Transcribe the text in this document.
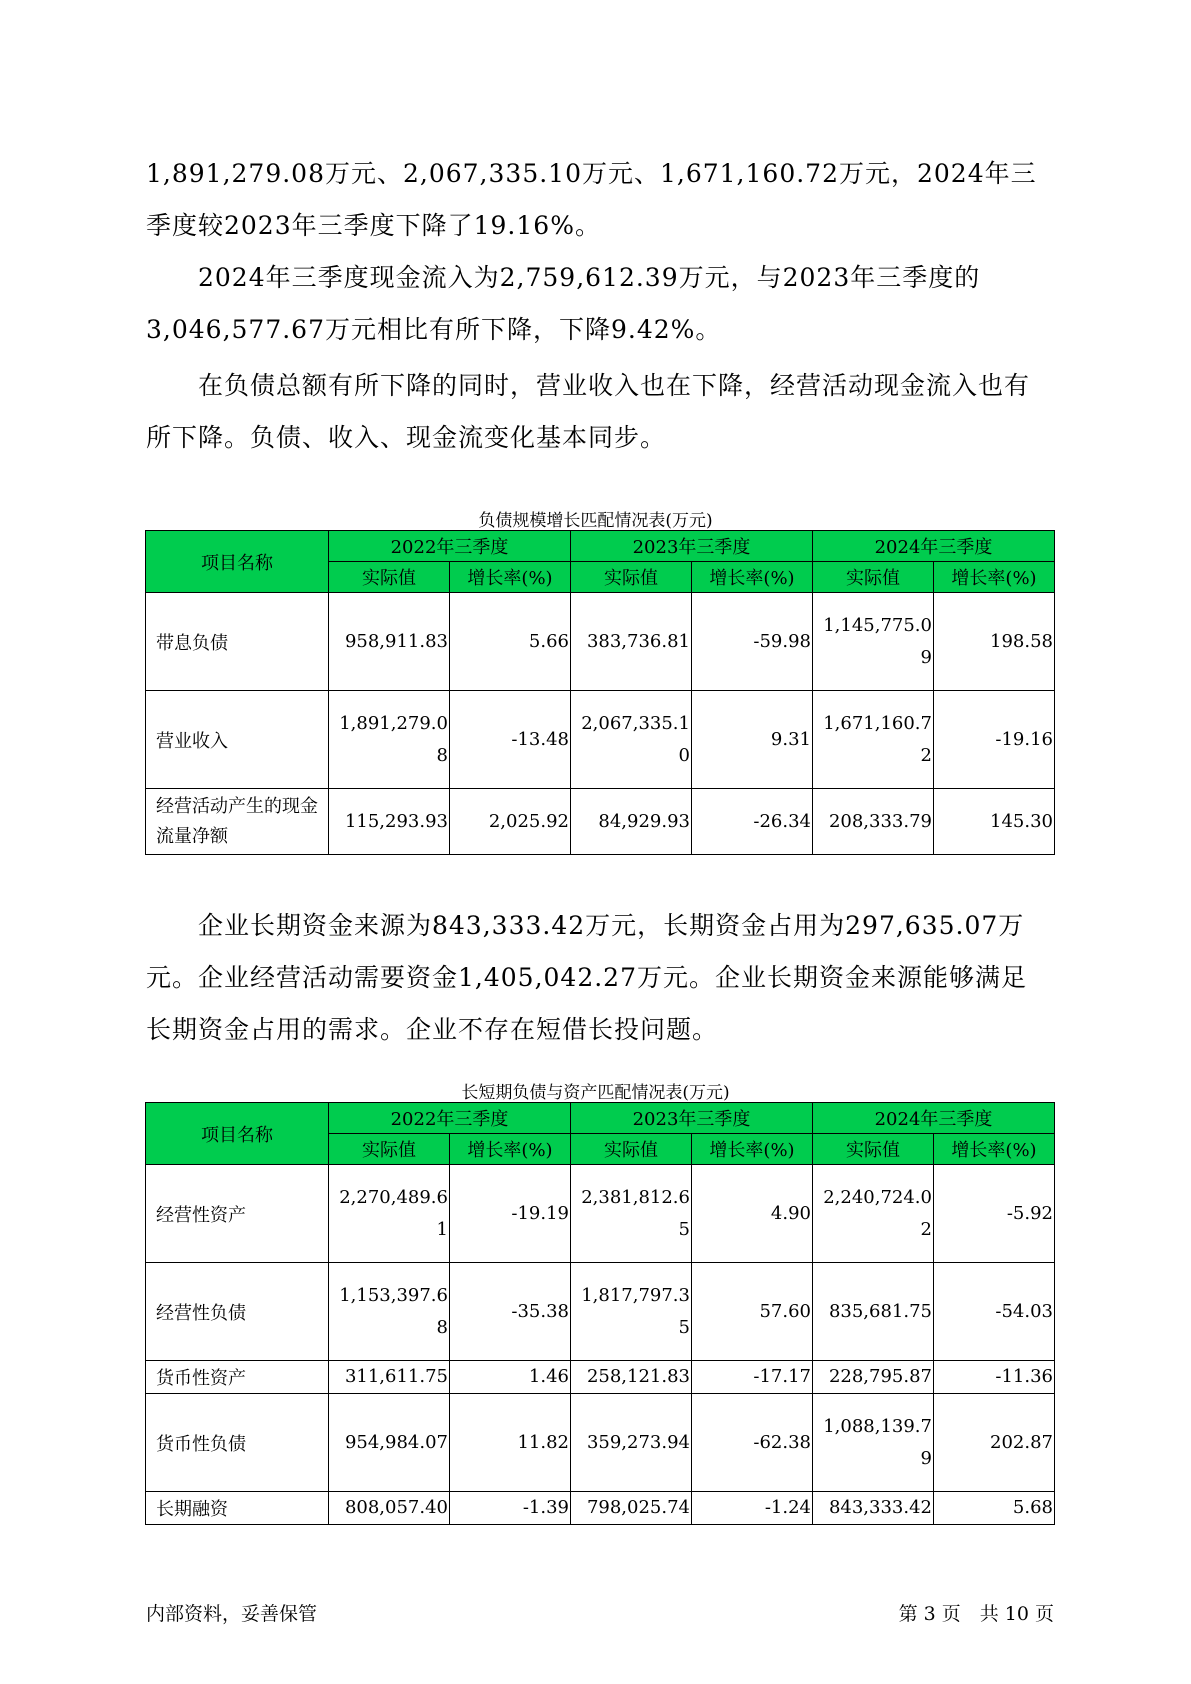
1,891,279.08万元、2,067,335.10万元、1,671,160.72万元，2024年三季度较2023年三季度下降了19.16%。

2024年三季度现金流入为2,759,612.39万元，与2023年三季度的3,046,577.67万元相比有所下降，下降9.42%。

在负债总额有所下降的同时，营业收入也在下降，经营活动现金流入也有所下降。负债、收入、现金流变化基本同步。

负债规模增长匹配情况表(万元)
项目名称	2022年三季度		2023年三季度		2024年三季度	
	实际值	增长率(%)	实际值	增长率(%)	实际值	增长率(%)
带息负债	958,911.83	5.66	383,736.81	-59.98	1,145,775.09	198.58
营业收入	1,891,279.08	-13.48	2,067,335.10	9.31	1,671,160.72	-19.16
经营活动产生的现金流量净额	115,293.93	2,025.92	84,929.93	-26.34	208,333.79	145.30

企业长期资金来源为843,333.42万元，长期资金占用为297,635.07万元。企业经营活动需要资金1,405,042.27万元。企业长期资金来源能够满足长期资金占用的需求。企业不存在短借长投问题。

长短期负债与资产匹配情况表(万元)
项目名称	2022年三季度		2023年三季度		2024年三季度	
	实际值	增长率(%)	实际值	增长率(%)	实际值	增长率(%)
经营性资产	2,270,489.61	-19.19	2,381,812.65	4.90	2,240,724.02	-5.92
经营性负债	1,153,397.68	-35.38	1,817,797.35	57.60	835,681.75	-54.03
货币性资产	311,611.75	1.46	258,121.83	-17.17	228,795.87	-11.36
货币性负债	954,984.07	11.82	359,273.94	-62.38	1,088,139.79	202.87
长期融资	808,057.40	-1.39	798,025.74	-1.24	843,333.42	5.68
内部资料，妥善保管	第 3 页　共 10 页
